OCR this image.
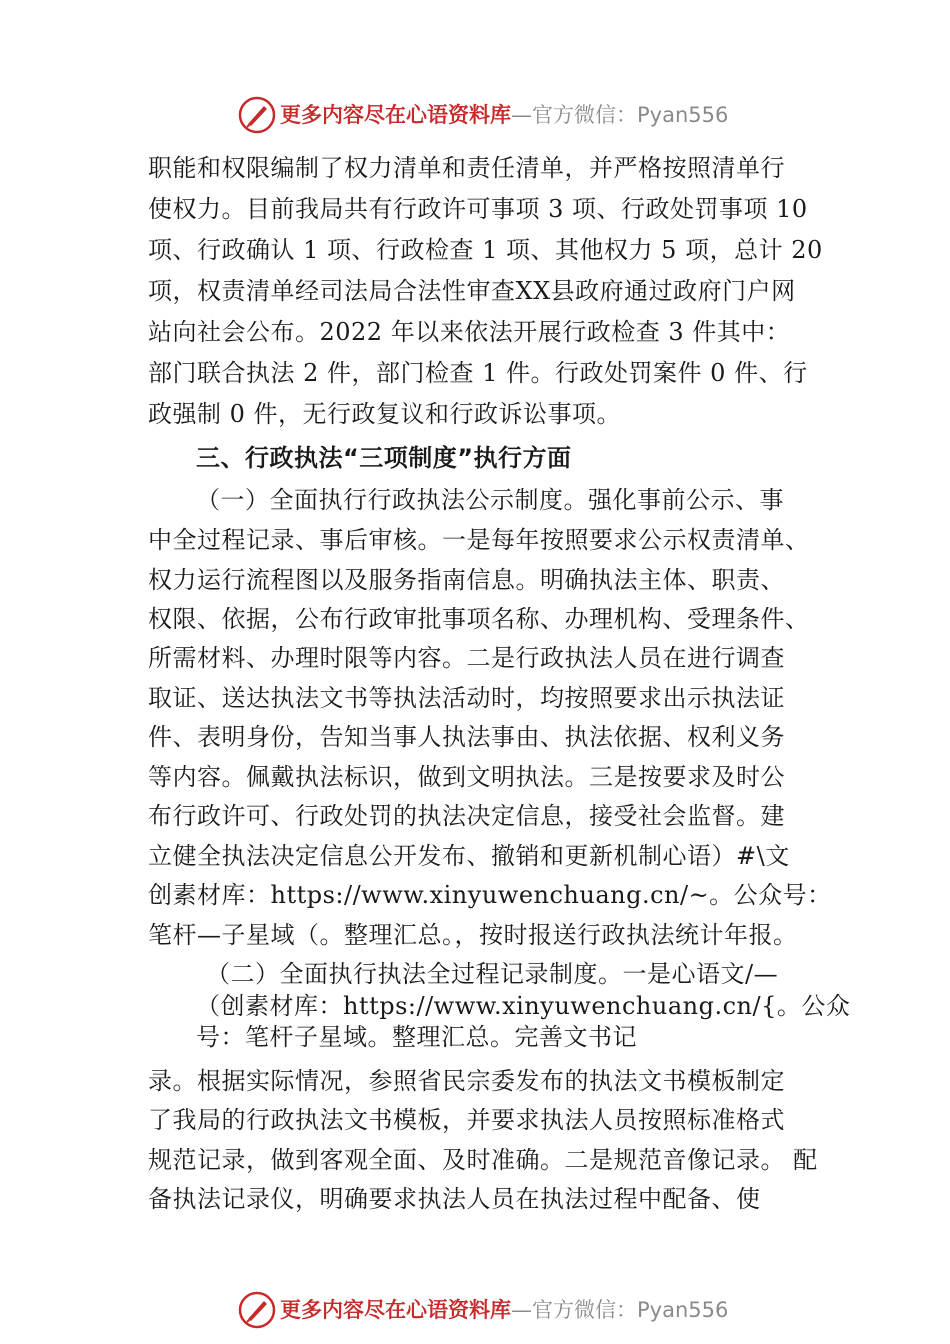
更多内容尽在心语资料库—官方微信：Pyan556
职能和权限编制了权力清单和责任清单，并严格按照清单行
使权力。目前我局共有行政许可事项 3 项、行政处罚事项 10
项、行政确认 1 项、行政检查 1 项、其他权力 5 项，总计 20
项，权责清单经司法局合法性审查XX县政府通过政府门户网
站向社会公布。2022 年以来依法开展行政检查 3 件其中：
部门联合执法 2 件，部门检查 1 件。行政处罚案件 0 件、行
政强制 0 件，无行政复议和行政诉讼事项。
三、行政执法“三项制度”执行方面
（一）全面执行行政执法公示制度。强化事前公示、事
中全过程记录、事后审核。一是每年按照要求公示权责清单、
权力运行流程图以及服务指南信息。明确执法主体、职责、
权限、依据，公布行政审批事项名称、办理机构、受理条件、
所需材料、办理时限等内容。二是行政执法人员在进行调查
取证、送达执法文书等执法活动时，均按照要求出示执法证
件、表明身份，告知当事人执法事由、执法依据、权利义务
等内容。佩戴执法标识，做到文明执法。三是按要求及时公
布行政许可、行政处罚的执法决定信息，接受社会监督。建
立健全执法决定信息公开发布、撤销和更新机制心语）#\文
创素材库：https://www.xinyuwenchuang.cn/~。公众号：
笔杆—子星域（。整理汇总。，按时报送行政执法统计年报。
（二）全面执行执法全过程记录制度。一是心语文/—
（创素材库：https://www.xinyuwenchuang.cn/{。公众
号：笔杆子星域。整理汇总。完善文书记
录。根据实际情况，参照省民宗委发布的执法文书模板制定
了我局的行政执法文书模板，并要求执法人员按照标准格式
规范记录，做到客观全面、及时准确。二是规范音像记录。 配
备执法记录仪，明确要求执法人员在执法过程中配备、使
更多内容尽在心语资料库—官方微信：Pyan556
